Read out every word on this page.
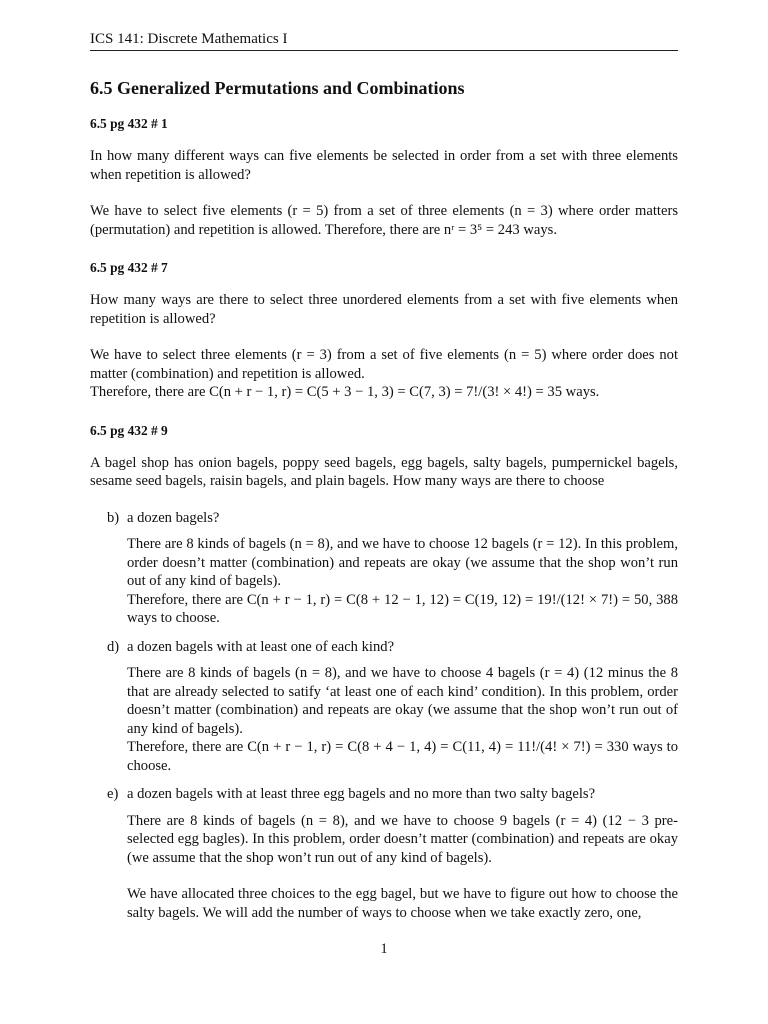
ICS 141: Discrete Mathematics I
6.5 Generalized Permutations and Combinations
6.5 pg 432 # 1

In how many different ways can five elements be selected in order from a set with three elements when repetition is allowed?

We have to select five elements (r = 5) from a set of three elements (n = 3) where order matters (permutation) and repetition is allowed. Therefore, there are nʳ = 3⁵ = 243 ways.

6.5 pg 432 # 7

How many ways are there to select three unordered elements from a set with five elements when repetition is allowed?

We have to select three elements (r = 3) from a set of five elements (n = 5) where order does not matter (combination) and repetition is allowed.

Therefore, there are C(n + r − 1, r) = C(5 + 3 − 1, 3) = C(7, 3) = 7!/(3! × 4!) = 35 ways.

6.5 pg 432 # 9

A bagel shop has onion bagels, poppy seed bagels, egg bagels, salty bagels, pumpernickel bagels, sesame seed bagels, raisin bagels, and plain bagels. How many ways are there to choose

b) a dozen bagels?

There are 8 kinds of bagels (n = 8), and we have to choose 12 bagels (r = 12). In this problem, order doesn’t matter (combination) and repeats are okay (we assume that the shop won’t run out of any kind of bagels).

Therefore, there are C(n + r − 1, r) = C(8 + 12 − 1, 12) = C(19, 12) = 19!/(12! × 7!) = 50, 388 ways to choose.

d) a dozen bagels with at least one of each kind?

There are 8 kinds of bagels (n = 8), and we have to choose 4 bagels (r = 4) (12 minus the 8 that are already selected to satify ‘at least one of each kind’ condition). In this problem, order doesn’t matter (combination) and repeats are okay (we assume that the shop won’t run out of any kind of bagels).

Therefore, there are C(n + r − 1, r) = C(8 + 4 − 1, 4) = C(11, 4) = 11!/(4! × 7!) = 330 ways to choose.

e) a dozen bagels with at least three egg bagels and no more than two salty bagels?

There are 8 kinds of bagels (n = 8), and we have to choose 9 bagels (r = 4) (12 − 3 pre-selected egg bagles). In this problem, order doesn’t matter (combination) and repeats are okay (we assume that the shop won’t run out of any kind of bagels).

We have allocated three choices to the egg bagel, but we have to figure out how to choose the salty bagels. We will add the number of ways to choose when we take exactly zero, one,

1
